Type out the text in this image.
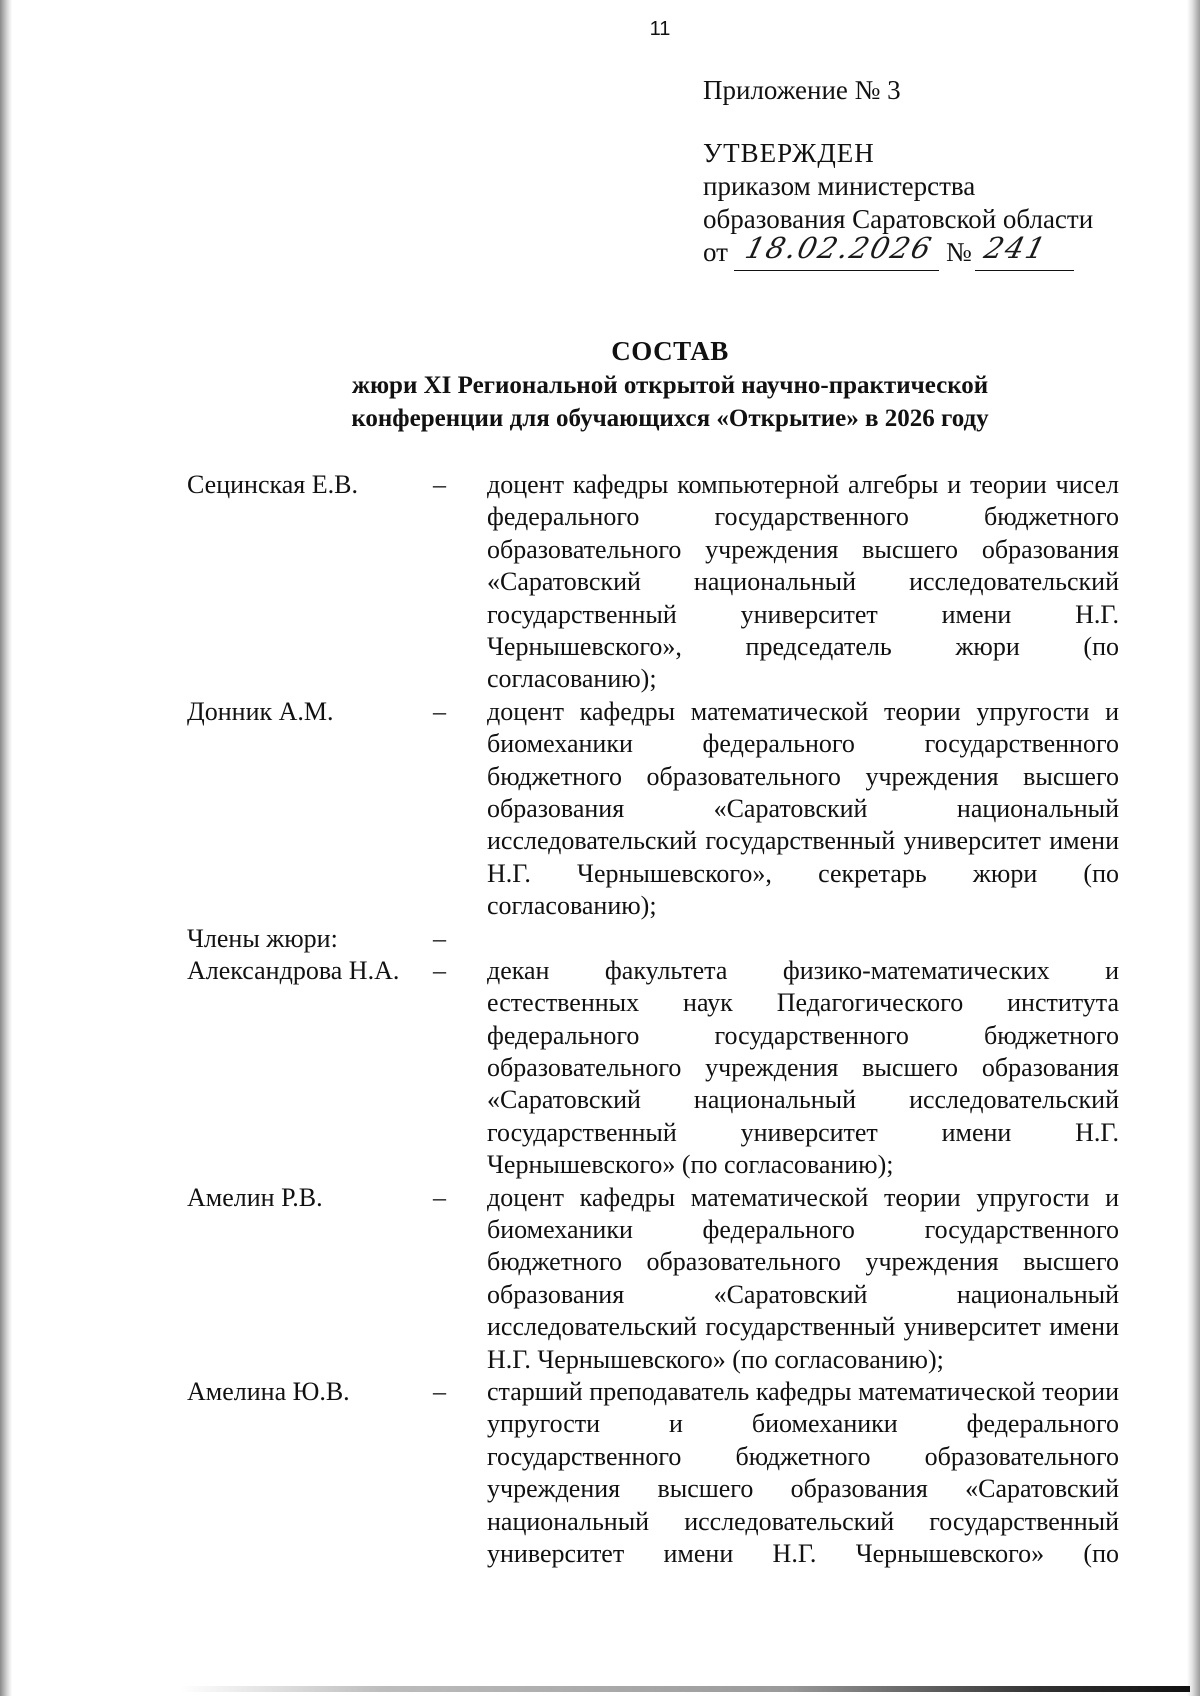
11
Приложение № 3
УТВЕРЖДЕН
приказом министерства
образования Саратовской области
от 18.02.2026 № 241
СОСТАВ
жюри XI Региональной открытой научно-практической
конференции для обучающихся «Открытие» в 2026 году
Сецинская Е.В.	– доцент кафедры компьютерной алгебры и теории чисел федерального государственного бюджетного образовательного учреждения высшего образования «Саратовский национальный исследовательский государственный университет имени Н.Г. Чернышевского», председатель жюри (по согласованию);
Донник А.М.	– доцент кафедры математической теории упругости и биомеханики федерального государственного бюджетного образовательного учреждения высшего образования «Саратовский национальный исследовательский государственный университет имени Н.Г. Чернышевского», секретарь жюри (по согласованию);
Члены жюри:	–
Александрова Н.А. – декан факультета физико-математических и естественных наук Педагогического института федерального государственного бюджетного образовательного учреждения высшего образования «Саратовский национальный исследовательский государственный университет имени Н.Г. Чернышевского» (по согласованию);
Амелин Р.В.	– доцент кафедры математической теории упругости и биомеханики федерального государственного бюджетного образовательного учреждения высшего образования «Саратовский национальный исследовательский государственный университет имени Н.Г. Чернышевского» (по согласованию);
Амелина Ю.В.	– старший преподаватель кафедры математической теории упругости и биомеханики федерального государственного бюджетного образовательного учреждения высшего образования «Саратовский национальный исследовательский государственный университет имени Н.Г. Чернышевского» (по
